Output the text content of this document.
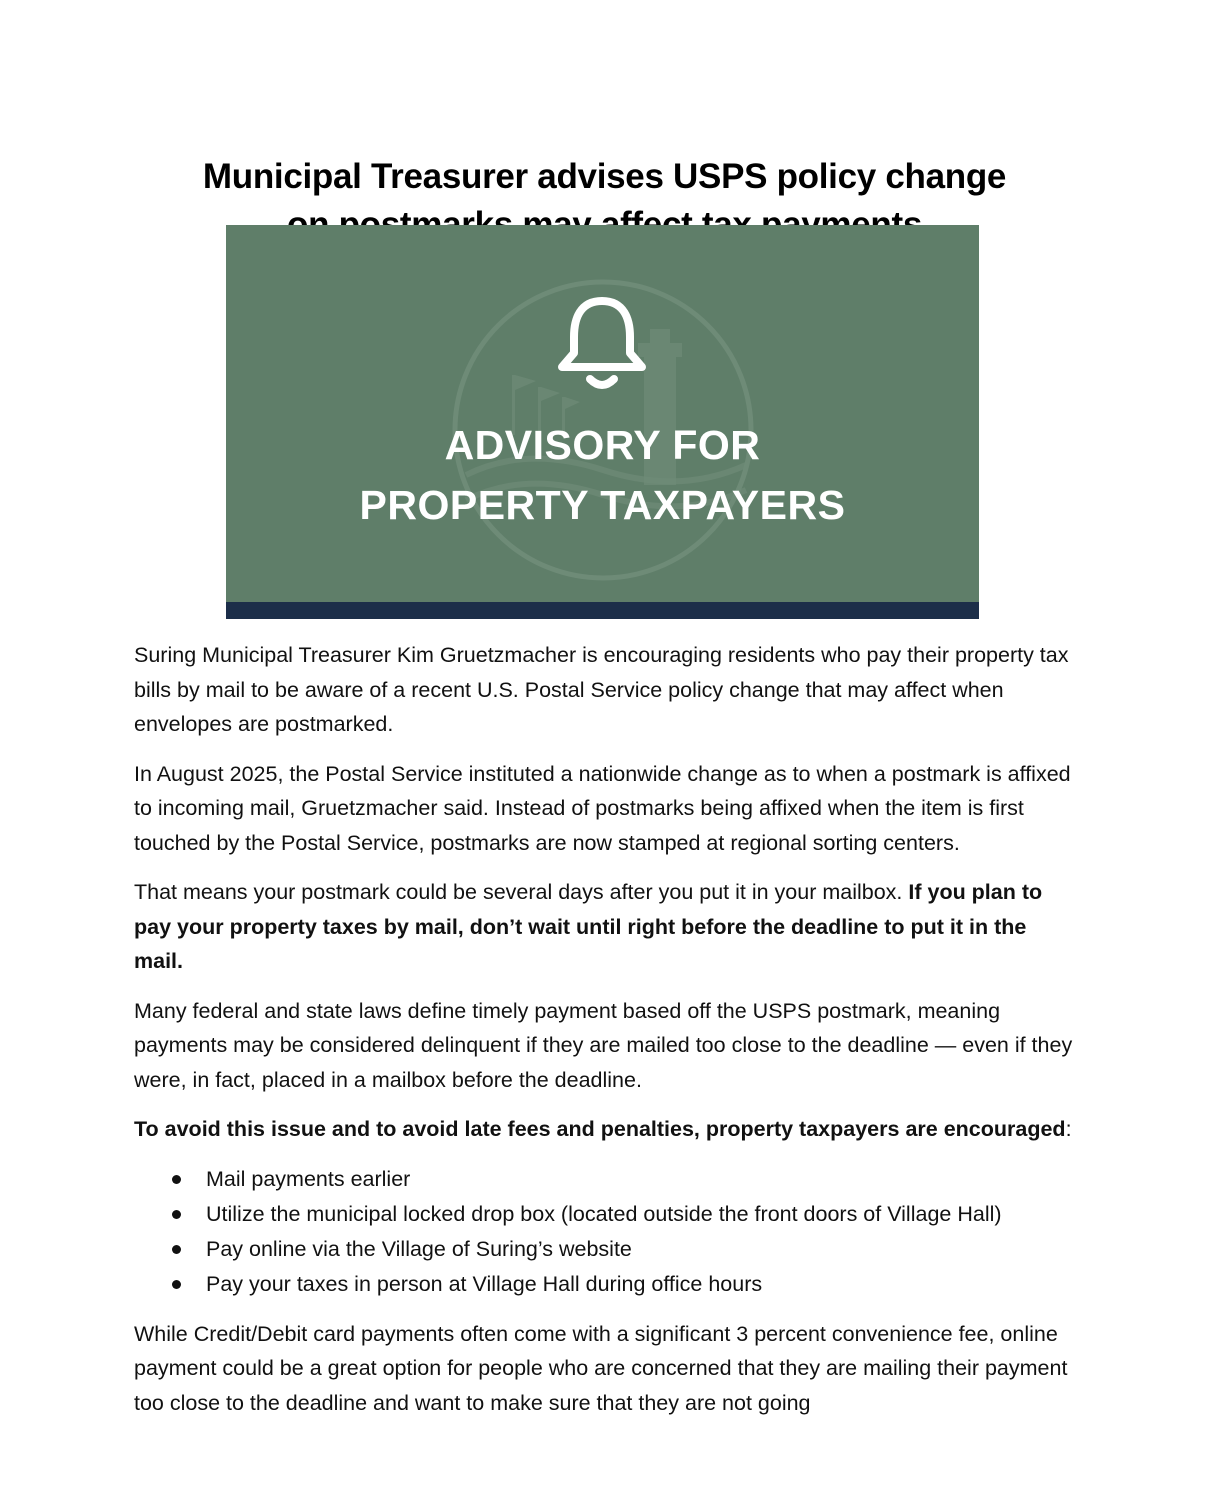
Municipal Treasurer advises USPS policy change
ADVISORY FOR
PROPERTY TAXPAYERS

Suring Municipal Treasurer Kim Gruetzmacher is encouraging residents who pay their property tax bills by mail to be aware of a recent U.S. Postal Service policy change that may affect when envelopes are postmarked.

In August 2025, the Postal Service instituted a nationwide change as to when a postmark is affixed to incoming mail, Gruetzmacher said. Instead of postmarks being affixed when the item is first touched by the Postal Service, postmarks are now stamped at regional sorting centers.

That means your postmark could be several days after you put it in your mailbox. If you plan to pay your property taxes by mail, don’t wait until right before the deadline to put it in the mail.

Many federal and state laws define timely payment based off the USPS postmark, meaning payments may be considered delinquent if they are mailed too close to the deadline — even if they were, in fact, placed in a mailbox before the deadline.

To avoid this issue and to avoid late fees and penalties, property taxpayers are encouraged:

Mail payments earlier
Utilize the municipal locked drop box (located outside the front doors of Village Hall)
Pay online via the Village of Suring’s website
Pay your taxes in person at Village Hall during office hours

While Credit/Debit card payments often come with a significant 3 percent convenience fee, online payment could be a great option for people who are concerned that they are mailing their payment too close to the deadline and want to make sure that they are not going
